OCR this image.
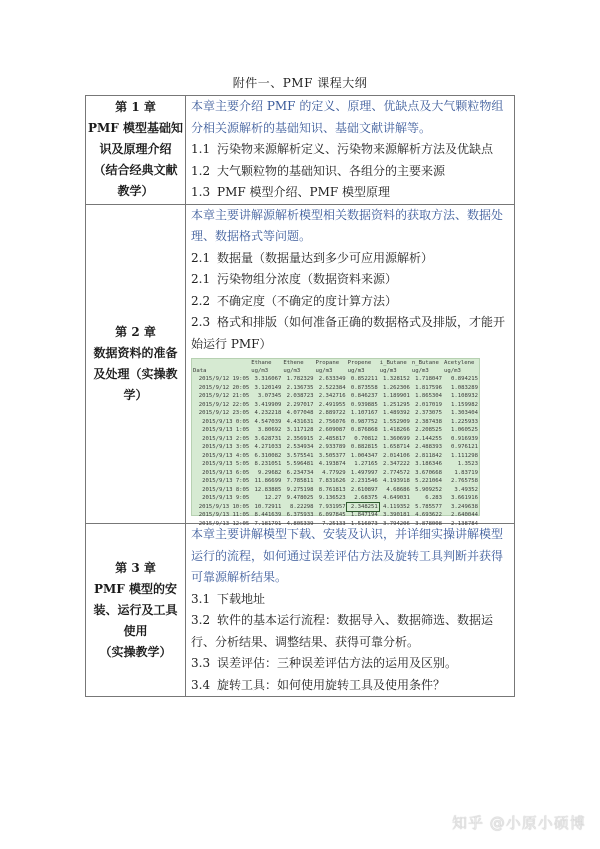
附件一、PMF 课程大纲
第 1 章
PMF 模型基础知
识及原理介绍
（结合经典文献
教学）

本章主要介绍 PMF 的定义、原理、优缺点及大气颗粒物组分相关源解析的基础知识、基础文献讲解等。
1.1 污染物来源解析定义、污染物来源解析方法及优缺点
1.2 大气颗粒物的基础知识、各组分的主要来源
1.3 PMF 模型介绍、PMF 模型原理

第 2 章
数据资料的准备
及处理（实操教
学）

本章主要讲解源解析模型相关数据资料的获取方法、数据处理、数据格式等问题。
2.1 数据量（数据量达到多少可应用源解析）
2.1 污染物组分浓度（数据资料来源）
2.2 不确定度（不确定的度计算方法）
2.3 格式和排版（如何准备正确的数据格式及排版，才能开始运行 PMF）
	Ethane	Ethene	Propane	Propene	i_Butane	n_Butane	Acetylene
Data	ug/m3	ug/m3	ug/m3	ug/m3	ug/m3	ug/m3	ug/m3
2015/9/12 19:05	3.316067	1.782329	2.633349	0.852211	1.328152	1.718047	0.894215
2015/9/12 20:05	3.120149	2.136735	2.522384	0.873558	1.262306	1.817596	1.083289
2015/9/12 21:05	3.07345	2.038723	2.342716	0.846237	1.189901	1.865304	1.108932
2015/9/12 22:05	3.419909	2.297017	2.491955	0.939885	1.251295	2.017019	1.159982
2015/9/12 23:05	4.232218	4.077048	2.889722	1.107167	1.489392	2.373075	1.303404
2015/9/13 0:05	4.547039	4.431631	2.756076	0.987752	1.552909	2.387438	1.225933
2015/9/13 1:05	3.80692	3.117128	2.609087	0.876868	1.418266	2.208525	1.060525
2015/9/13 2:05	3.628731	2.356915	2.485817	0.70812	1.360699	2.144255	0.916939
2015/9/13 3:05	4.271033	2.534934	2.933789	0.882815	1.658714	2.488393	0.976121
2015/9/13 4:05	6.310082	3.575541	3.505377	1.004347	2.014106	2.811842	1.111298
2015/9/13 5:05	8.231051	5.596481	4.193874	1.27165	2.347222	3.186346	1.3523
2015/9/13 6:05	9.29682	6.234734	4.77929	1.497997	2.774572	3.670668	1.83719
2015/9/13 7:05	11.86699	7.785811	7.831626	2.231546	4.193918	5.221064	2.765758
2015/9/13 8:05	12.83885	9.275198	8.761813	2.610897	4.68686	5.909252	3.49352
2015/9/13 9:05	12.27	9.478025	9.136523	2.68375	4.649031	6.283	3.661916
2015/9/13 10:05	10.72911	8.22298	7.931957	2.348251	4.119352	5.785577	3.249638
2015/9/13 11:05	8.441639	6.375933	6.097845	1.847194	3.390181	4.693622	2.640044
2015/9/13 12:05	7.181791	4.805339	7.25133	1.516073	3.794206	3.878008	2.138784

第 3 章
PMF 模型的安
装、运行及工具
使用
（实操教学）

本章主要讲解模型下载、安装及认识，并详细实操讲解模型运行的流程，如何通过误差评估方法及旋转工具判断并获得可靠源解析结果。
3.1 下载地址
3.2 软件的基本运行流程：数据导入、数据筛选、数据运行、分析结果、调整结果、获得可靠分析。
3.3 误差评估：三种误差评估方法的运用及区别。
3.4 旋转工具：如何使用旋转工具及使用条件？
知乎 @小原小硕博
